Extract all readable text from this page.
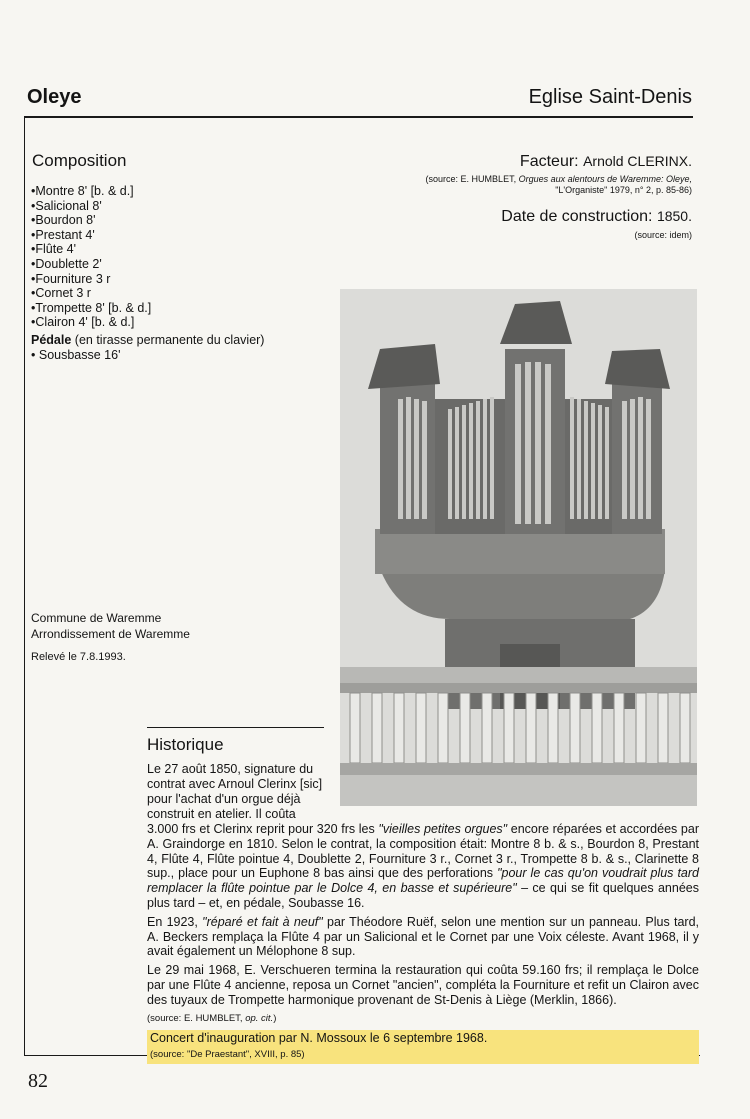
Oleye	Eglise Saint-Denis
Composition
• Montre 8' [b. & d.]
• Salicional 8'
• Bourdon 8'
• Prestant 4'
• Flûte 4'
• Doublette 2'
• Fourniture 3 r
• Cornet 3 r
• Trompette 8' [b. & d.]
• Clairon 4' [b. & d.]
Pédale (en tirasse permanente du clavier)
• Sousbasse 16'
Facteur: Arnold CLERINX.
(source: E. HUMBLET, Orgues aux alentours de Waremme: Oleye,
"L'Organiste" 1979, n° 2, p. 85-86)
Date de construction: 1850.
(source: idem)
Commune de Waremme
Arrondissement de Waremme
Relevé le 7.8.1993.
Historique
Le 27 août 1850, signature du contrat avec Arnoul Clerinx [sic] pour l'achat d'un orgue déjà construit en atelier. Il coûta

3.000 frs et Clerinx reprit pour 320 frs les "vieilles petites orgues" encore réparées et accordées par A. Graindorge en 1810. Selon le contrat, la composition était: Montre 8 b. & s., Bourdon 8, Prestant 4, Flûte 4, Flûte pointue 4, Doublette 2, Fourniture 3 r., Cornet 3 r., Trompette 8 b. & s., Clarinette 8 sup., place pour un Euphone 8 bas ainsi que des perforations "pour le cas qu'on voudrait plus tard remplacer la flûte pointue par le Dolce 4, en basse et supérieure" – ce qui se fit quelques années plus tard – et, en pédale, Soubasse 16.

En 1923, "réparé et fait à neuf" par Théodore Ruëf, selon une mention sur un panneau. Plus tard, A. Beckers remplaça la Flûte 4 par un Salicional et le Cornet par une Voix céleste. Avant 1968, il y avait également un Mélophone 8 sup.

Le 29 mai 1968, E. Verschueren termina la restauration qui coûta 59.160 frs; il remplaça le Dolce par une Flûte 4 ancienne, reposa un Cornet "ancien", compléta la Fourniture et refit un Clairon avec des tuyaux de Trompette harmonique provenant de St-Denis à Liège (Merklin, 1866).

(source: E. HUMBLET, op. cit.)

Concert d'inauguration par N. Mossoux le 6 septembre 1968.
(source: "De Praestant", XVIII, p. 85)
82
